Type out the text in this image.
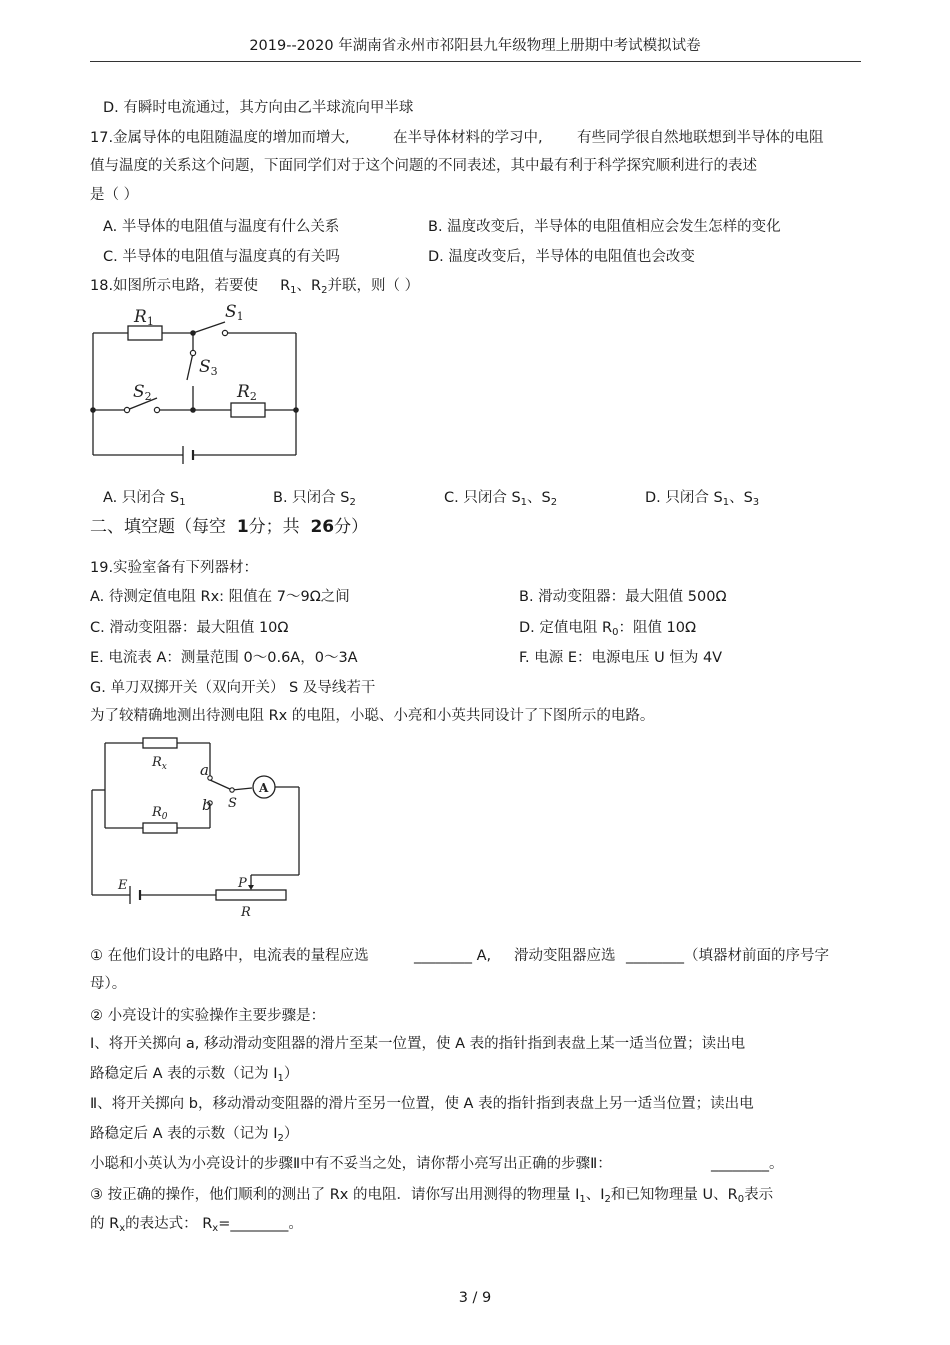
2019--2020 年湖南省永州市祁阳县九年级物理上册期中考试模拟试卷
D. 有瞬时电流通过，其方向由乙半球流向甲半球
17.金属导体的电阻随温度的增加而增大,	在半导体材料的学习中, 有些同学很自然地联想到半导体的电阻
值与温度的关系这个问题，下面同学们对于这个问题的不同表述，其中最有利于科学探究顺利进行的表述
是（ ）
A. 半导体的电阻值与温度有什么关系	B. 温度改变后，半导体的电阻值相应会发生怎样的变化
C. 半导体的电阻值与温度真的有关吗	D. 温度改变后，半导体的电阻值也会改变
18.如图所示电路，若要使 $R_1$、$R_2$并联，则（ ）
R1	S1
S3
S2	R2
A. 只闭合 $S_1$	B. 只闭合 $S_2$	C. 只闭合 $S_1$、$S_2$	D. 只闭合 $S_1$、$S_3$
二、填空题（每空 1分；共 26分）
19.实验室备有下列器材：
A. 待测定值电阻 Rx: 阻值在 7～9Ω之间	B. 滑动变阻器：最大阻值 500Ω
C. 滑动变阻器：最大阻值 10Ω	D. 定值电阻 $R_0$：阻值 10Ω
E. 电流表 A：测量范围 0～0.6A，0～3A	F. 电源 E：电源电压 U 恒为 4V
G. 单刀双掷开关（双向开关） S 及导线若干
为了较精确地测出待测电阻 Rx 的电阻，小聪、小亮和小英共同设计了下图所示的电路。
$R_x$
$R_0$
a
b S
E	P
R
A
① 在他们设计的电路中，电流表的量程应选	________ A, 滑动变阻器应选 ________（填器材前面的序号字
母）。
② 小亮设计的实验操作主要步骤是：
Ⅰ、将开关掷向 a, 移动滑动变阻器的滑片至某一位置，使 A 表的指针指到表盘上某一适当位置；读出电
路稳定后 A 表的示数（记为 $I_1$）
Ⅱ、将开关掷向 b，移动滑动变阻器的滑片至另一位置，使 A 表的指针指到表盘上另一适当位置；读出电
路稳定后 A 表的示数（记为 $I_2$）
小聪和小英认为小亮设计的步骤Ⅱ中有不妥当之处，请你帮小亮写出正确的步骤Ⅱ：	________。
③ 按正确的操作，他们顺利的测出了 Rx 的电阻．请你写出用测得的物理量 $I_1$、$I_2$和已知物理量 U、$R_0$表示
的 $R_x$的表达式： $R_x=\_\_\_\_\_\_\_\_$。
3 / 9
